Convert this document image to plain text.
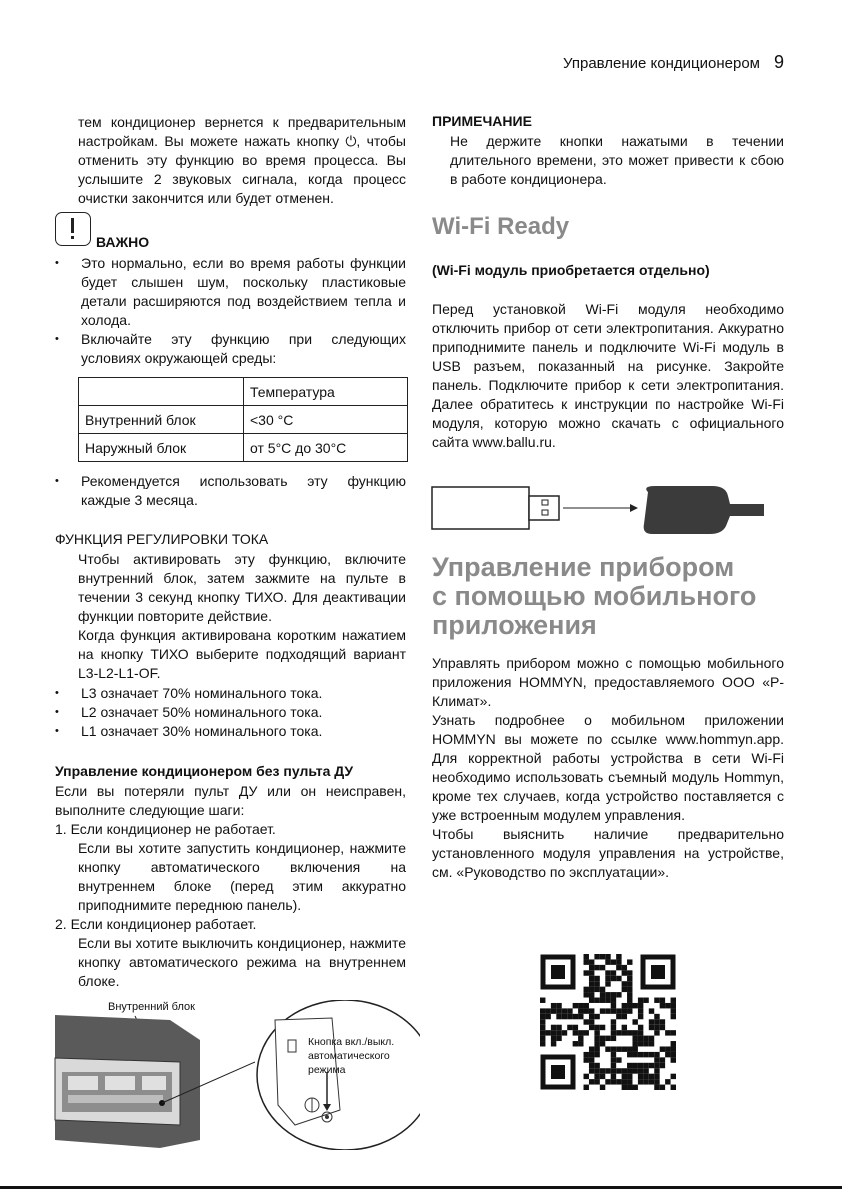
Управление кондиционером 9

тем кондиционер вернется к предварительным настройкам. Вы можете нажать кнопку ⏻, чтобы отменить эту функцию во время процесса. Вы услышите 2 звуковых сигнала, когда процесс очистки закончится или будет отменен.

ВАЖНО
• Это нормально, если во время работы функции будет слышен шум, поскольку пластиковые детали расширяются под воздействием тепла и холода.
• Включайте эту функцию при следующих условиях окружающей среды:
	Температура
Внутренний блок	<30 °C
Наружный блок	от 5°C до 30°C
• Рекомендуется использовать эту функцию каждые 3 месяца.
ФУНКЦИЯ РЕГУЛИРОВКИ ТОКА

Чтобы активировать эту функцию, включите внутренний блок, затем зажмите на пульте в течении 3 секунд кнопку ТИХО. Для деактивации функции повторите действие.

Когда функция активирована коротким нажатием на кнопку ТИХО выберите подходящий вариант L3-L2-L1-OF.

• L3 означает 70% номинального тока.
• L2 означает 50% номинального тока.
• L1 означает 30% номинального тока.
Управление кондиционером без пульта ДУ

Если вы потеряли пульт ДУ или он неисправен, выполните следующие шаги:

1. Если кондиционер не работает.

Если вы хотите запустить кондиционер, нажмите кнопку автоматического включения на внутреннем блоке (перед этим аккуратно приподнимите переднюю панель).

2. Если кондиционер работает.

Если вы хотите выключить кондиционер, нажмите кнопку автоматического режима на внутреннем блоке.

Внутренний блок
Кнопка вкл./выкл. автоматического режима
ПРИМЕЧАНИЕ

Не держите кнопки нажатыми в течении длительного времени, это может привести к сбою в работе кондиционера.

Wi-Fi Ready
(Wi-Fi модуль приобретается отдельно)

Перед установкой Wi-Fi модуля необходимо отключить прибор от сети электропитания. Аккуратно приподнимите панель и подключите Wi-Fi модуль в USB разъем, показанный на рисунке. Закройте панель. Подключите прибор к сети электропитания. Далее обратитесь к инструкции по настройке Wi-Fi модуля, которую можно скачать с официального сайта www.ballu.ru.

Управление прибором
с помощью мобильного
приложения

Управлять прибором можно с помощью мобильного приложения HOMMYN, предоставляемого ООО «Р-Климат».

Узнать подробнее о мобильном приложении HOMMYN вы можете по ссылке www.hommyn.app. Для корректной работы устройства в сети Wi-Fi необходимо использовать съемный модуль Hommyn, кроме тех случаев, когда устройство поставляется с уже встроенным модулем управления.

Чтобы выяснить наличие предварительно установленного модуля управления на устройстве, см. «Руководство по эксплуатации».
